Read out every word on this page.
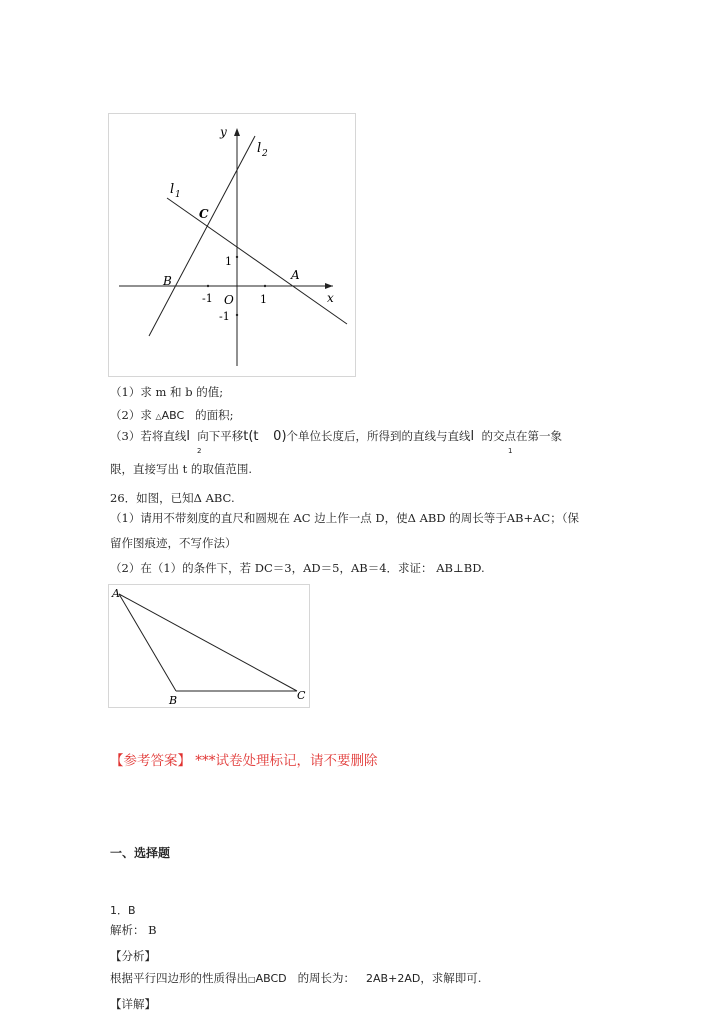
y
x
l 2
l 1
C
B	A
O
1
-1	1
-1
（1）求 m 和 b 的值;
（2）求 △ABC 的面积;
（3）若将直线l 向下平移t(t 0)个单位长度后，所得到的直线与直线l 的交点在第一象
2	1
限，直接写出 t 的取值范围.
26．如图，已知Δ ABC.
（1）请用不带刻度的直尺和圆规在 AC 边上作一点 D，使Δ ABD 的周长等于AB+AC；（保
留作图痕迹，不写作法）
（2）在（1）的条件下，若 DC＝3，AD＝5，AB＝4．求证： AB⊥BD.
A
B	C
【参考答案】 ***试卷处理标记，请不要删除
一、选择题
1．B
解析： B
【分析】
根据平行四边形的性质得出□ABCD 的周长为： 2AB+2AD，求解即可.
【详解】
